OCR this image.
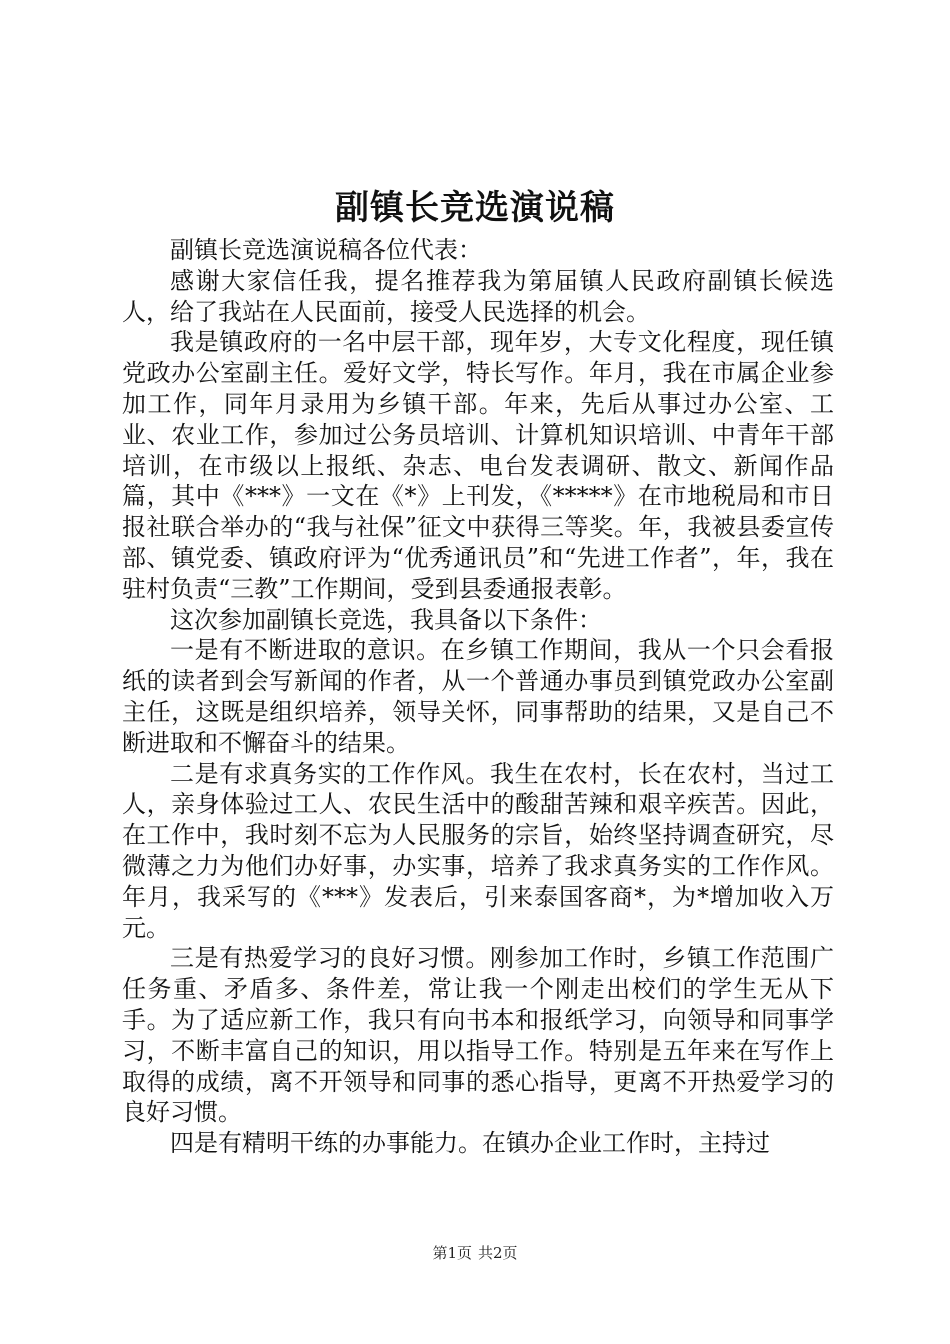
副镇长竞选演说稿

副镇长竞选演说稿各位代表：

感谢大家信任我，提名推荐我为第届镇人民政府副镇长候选人，给了我站在人民面前，接受人民选择的机会。

我是镇政府的一名中层干部，现年岁，大专文化程度，现任镇党政办公室副主任。爱好文学，特长写作。年月，我在市属企业参加工作，同年月录用为乡镇干部。年来，先后从事过办公室、工业、农业工作，参加过公务员培训、计算机知识培训、中青年干部培训，在市级以上报纸、杂志、电台发表调研、散文、新闻作品篇，其中《***》一文在《*》上刊发，《*****》在市地税局和市日报社联合举办的“我与社保”征文中获得三等奖。年，我被县委宣传部、镇党委、镇政府评为“优秀通讯员”和“先进工作者”，年，我在驻村负责“三教”工作期间，受到县委通报表彰。

这次参加副镇长竞选，我具备以下条件：

一是有不断进取的意识。在乡镇工作期间，我从一个只会看报纸的读者到会写新闻的作者，从一个普通办事员到镇党政办公室副主任，这既是组织培养，领导关怀，同事帮助的结果，又是自己不断进取和不懈奋斗的结果。

二是有求真务实的工作作风。我生在农村，长在农村，当过工人，亲身体验过工人、农民生活中的酸甜苦辣和艰辛疾苦。因此，在工作中，我时刻不忘为人民服务的宗旨，始终坚持调查研究，尽微薄之力为他们办好事，办实事，培养了我求真务实的工作作风。年月，我采写的《***》发表后，引来泰国客商*，为*增加收入万元。

三是有热爱学习的良好习惯。刚参加工作时，乡镇工作范围广任务重、矛盾多、条件差，常让我一个刚走出校们的学生无从下手。为了适应新工作，我只有向书本和报纸学习，向领导和同事学习，不断丰富自己的知识，用以指导工作。特别是五年来在写作上取得的成绩，离不开领导和同事的悉心指导，更离不开热爱学习的良好习惯。

四是有精明干练的办事能力。在镇办企业工作时，主持过

第1页 共2页
